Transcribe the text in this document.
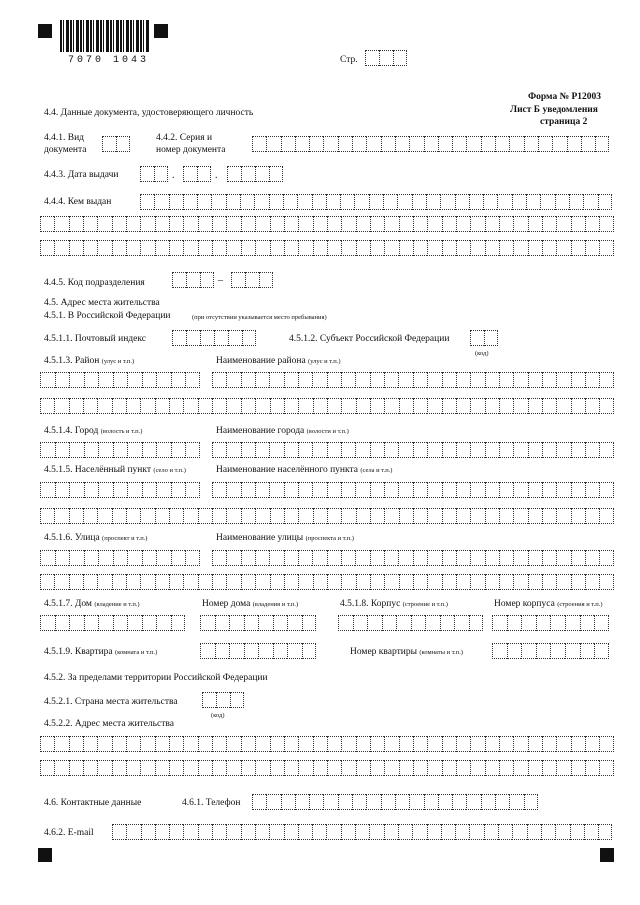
7070 1043	Стр.
Форма № Р12003
Лист Б уведомления
страница 2
4.4. Данные документа, удостоверяющего личность
4.4.1. Вид
документа
4.4.2. Серия и
номер документа
4.4.3. Дата выдачи	.	.
4.4.4. Кем выдан
4.4.5. Код подразделения	–
4.5. Адрес места жительства
4.5.1. В Российской Федерации	(при отсутствии указывается место пребывания)
4.5.1.1. Почтовый индекс	4.5.1.2. Субъект Российской Федерации
(код)
4.5.1.3. Район (улус и т.п.)	Наименование района (улус и т.п.)
4.5.1.4. Город (волость и т.п.)	Наименование города (волости и т.п.)
4.5.1.5. Населённый пункт (село и т.п.)	Наименование населённого пункта (села и т.п.)
4.5.1.6. Улица (проспект и т.п.)	Наименование улицы (проспекта и т.п.)
4.5.1.7. Дом (владение и т.п.)	Номер дома (владения и т.п.)	4.5.1.8. Корпус (строение и т.п.)	Номер корпуса (строения и т.п.)
4.5.1.9. Квартира (комната и т.п.)	Номер квартиры (комнаты и т.п.)
4.5.2. За пределами территории Российской Федерации
4.5.2.1. Страна места жительства
(код)
4.5.2.2. Адрес места жительства
4.6. Контактные данные	4.6.1. Телефон
4.6.2. E-mail
